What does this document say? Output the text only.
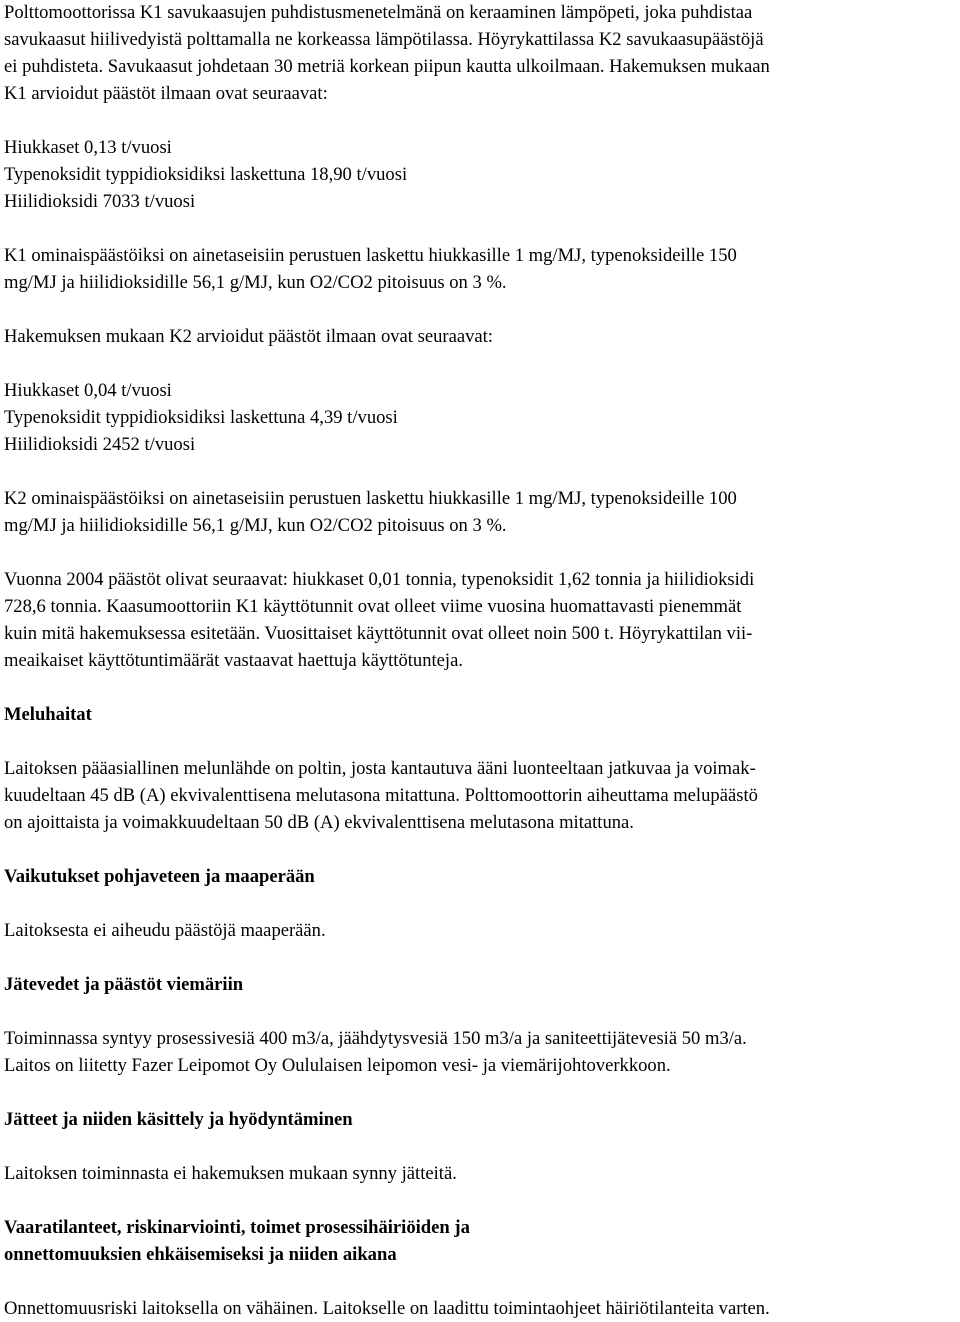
Polttomoottorissa K1 savukaasujen puhdistusmenetelmänä on keraaminen lämpöpeti, joka puhdistaa
savukaasut hiilivedyistä polttamalla ne korkeassa lämpötilassa. Höyrykattilassa K2 savukaasupäästöjä
ei puhdisteta. Savukaasut johdetaan 30 metriä korkean piipun kautta ulkoilmaan. Hakemuksen mukaan
K1 arvioidut päästöt ilmaan ovat seuraavat:

Hiukkaset 0,13 t/vuosi
Typenoksidit typpidioksidiksi laskettuna 18,90 t/vuosi
Hiilidioksidi 7033 t/vuosi

K1 ominaispäästöiksi on ainetaseisiin perustuen laskettu hiukkasille 1 mg/MJ, typenoksideille 150
mg/MJ ja hiilidioksidille 56,1 g/MJ, kun O2/CO2 pitoisuus on 3 %.

Hakemuksen mukaan K2 arvioidut päästöt ilmaan ovat seuraavat:

Hiukkaset 0,04 t/vuosi
Typenoksidit typpidioksidiksi laskettuna 4,39 t/vuosi
Hiilidioksidi 2452 t/vuosi

K2 ominaispäästöiksi on ainetaseisiin perustuen laskettu hiukkasille 1 mg/MJ, typenoksideille 100
mg/MJ ja hiilidioksidille 56,1 g/MJ, kun O2/CO2 pitoisuus on 3 %.

Vuonna 2004 päästöt olivat seuraavat: hiukkaset 0,01 tonnia, typenoksidit 1,62 tonnia ja hiilidioksidi
728,6 tonnia. Kaasumoottoriin K1 käyttötunnit ovat olleet viime vuosina huomattavasti pienemmät
kuin mitä hakemuksessa esitetään. Vuosittaiset käyttötunnit ovat olleet noin 500 t. Höyrykattilan vii-
meaikaiset käyttötuntimäärät vastaavat haettuja käyttötunteja.

Meluhaitat

Laitoksen pääasiallinen melunlähde on poltin, josta kantautuva ääni luonteeltaan jatkuvaa ja voimak-
kuudeltaan 45 dB (A) ekvivalenttisena melutasona mitattuna. Polttomoottorin aiheuttama melupäästö
on ajoittaista ja voimakkuudeltaan 50 dB (A) ekvivalenttisena melutasona mitattuna.

Vaikutukset pohjaveteen ja maaperään

Laitoksesta ei aiheudu päästöjä maaperään.

Jätevedet ja päästöt viemäriin

Toiminnassa syntyy prosessivesiä 400 m3/a, jäähdytysvesiä 150 m3/a ja saniteettijätevesiä 50 m3/a.
Laitos on liitetty Fazer Leipomot Oy Oululaisen leipomon vesi- ja viemärijohtoverkkoon.

Jätteet ja niiden käsittely ja hyödyntäminen

Laitoksen toiminnasta ei hakemuksen mukaan synny jätteitä.

Vaaratilanteet, riskinarviointi, toimet prosessihäiriöiden ja
onnettomuuksien ehkäisemiseksi ja niiden aikana

Onnettomuusriski laitoksella on vähäinen. Laitokselle on laadittu toimintaohjeet häiriötilanteita varten.
